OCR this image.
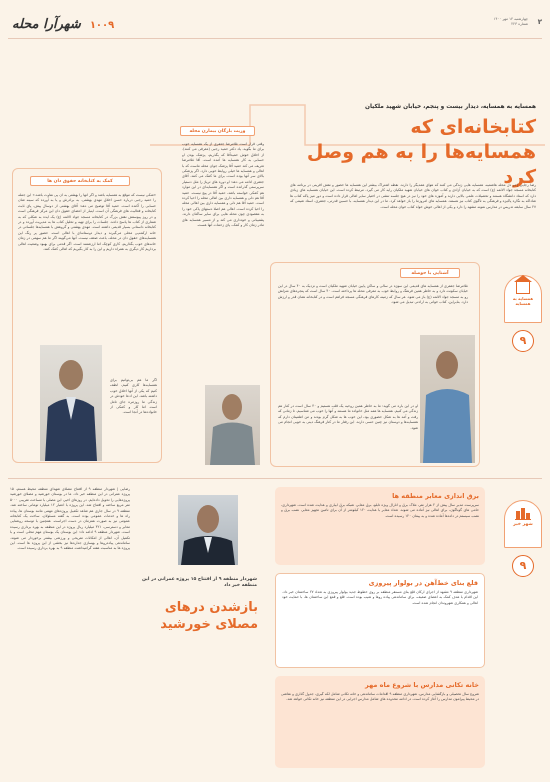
۲
چهارشنبه ۱۴ مهر ۱۴۰۰
شماره ۲۲۳
۱۰۰۹ شهرآرا محله
همسایه به همسایه، دیدار بیست و پنجم، خیابان شهید ملکیان
کتابخانه‌ای که
همسایه‌ها را به هم وصل کرد
رضا رجایی | در دل محله هاشمیه، همسایه هایی زندگی می کنند که هوای همدیگر را دارند. نقطه اشتراک بیشتر این همسایه ها حضور و نقش آفرینی در برنامه های کتابخانه مسجد جواد الائمه (ع) است که به خیابان آزادی و کتاب خوان های خیابان شهید ملکیان رایه کار می گیرد. مرتبط کرده است. این خیابان همسایه های زیادی دارد که استاد دانشگاه هستند و تحصیلات علمی بالایی دارند و آموزه های خود را نیز در هیچ جلسه تنشی در اختیار سایر اهالی قرار داده است و دور میز پاکه کتاب ها شاداکه به نگاره پاکیزه و فرهنگی به تاگوی کتاب نیز هستند. همسایه های امروزما را باز خواهد کرد. ما در این دیدار همسایه، با حسین قدرتی، جعفری، استاد شیمی که ۲۷ سال سابقه تدریس در مدارس نمونه مشهد را دارد و یکی از اهالی خوش خواه کتاب خوان محله است.
وزیت بازگان بیمارن محله
وقتی قرار است غلامرضا جعفری از یک همسایه خوب برای ما بگوید، یاد دکتر حمید رجبی (معرفی می کنند). از اخلاق خوش حمیدآقا که بگذریم، پزشک بودن او حسابی به کار همسایه ها آمده است. آقا غلامرضا تعریف می کند حمید آقا پزشک جوان محله ماست که با اهالی و همسایه ها خیلی روابط خوبی دارد. اگر پزشکی بالای سر آنها بوده است، برای ما کمک می کنند. آقای جعفری ادامه می دهد: او دوره های تریاژ را مثل دستیار سرپرستی گذرانده است و اگر همسایه‌ای در این موارد هم کمکی خواسته باشد، حمید آقا در پیچ نیست. حمید آقا هم دلی و همسایه داری بین اهالی محله را احیا کرده است. حمید آقا هم دلی و همسایه داری بین اهالی محله را احیا کرده است. اهالی هم اصلا دستهای پاکی خود را به مقصودی چون محله هایی برای سایر ساکنان دارند. پشتیبانی و خودداری می کند و از مسیر همسایه های مادر زمان کار و کمک، پای زحمات آنها هست.
کمک به کتابخانه حقوق دان ها
«شکی نیست که موقع به همسایه باشد و اگر آنها را بهشتی به آن پی نفاوت باشد.» این جمله را حمید رجبی درباره حسن اخلاق مهدی بهشتی. به برادرش و یا به آورده که سینه شان حسابی را آکنده است. حمید آقا توضیح می دهد: آقای بهشتی از دوسال پیش، پای ثابت کتابخانه و فعالیت های فرهنگی آن است. اینبار از اعضای حقوق دان این مرکز فرهنگی است و در روز پیوستش نقش بزرگ در کتابخانه مسجد جواد الائمه (ع) یک ایده به شکلی که به شماری از کتاب ها پاسخ دادند. جلسات را برای تهیه و تحلیل کتاب ها به مدیریت آورده و در کتابخانه داستانی بسیار قدیمی داشته است. مهدی بهشتی و گروهش با همسایه‌ها جلساتی در خانه ارکمه‌پی محلی می‌گیرند و دیدار دوستانه‌ای با اهالی است. حضور پر رنگ این همسایه‌های حقوق دان در محله، باعث ضعف نیست. آنها می‌گویند اگر ما هم سهمی در زمان خانه‌های خوب بگذاریم، کاری کوچک اما ارزشمند است. اگر قدمی برای بهبود وضعیت اهالی برداریم کار دیگری به همراه داریم و این را به کار بگیریم که اهالی کمک کنند.
اگر ما هم بی‌توانیم برای همسایه‌ها کاری کنیم، لطف کنیم که یکی از آنها اخلاق خوب داشته باشد. این ادعا خودش در زندگی ما روزمره جای تامل است اما کار و کمکی از خانواده‌ها در آنجا است.
آشنایی با حوصله
غلامرضا جعفری از همسایه های قدیمی این سوژه در سالی و ساکن پایین خیابان شهید ملکیان است و نزدیک به ۴۰ سال در این خیابان سکونت دارد و به خاطر همین فرهنگ و روابط خوب به معرفی محله ها پرداخته است. ۴۰ سال است که پنجره‌های منزلش رو به مسجد جواد الائمه (ع) باز می شود. هر سال که زمینه کارهای فرهنگی مسجد فراهم است و در کتابخانه همان قدر و ارزش دارد. بنابراین، کتاب خوانی به ارادتی تبدیل می شود.
او در این باره می گوید: ما به خاطر همین روحیه یک قلب هستیم و ۴۰ سال است در کنار هم زندگی می کنیم. همسایه ها همه مثل خانواده ما هستند و آنها را خوب می شناسیم. تا زمانی که رفت و آمد ها به شکل حضوری بود، این خوب ها به شکل گرم بودند و من اطمینان دارم که همسایه‌ها و دوستان نیز چنین حسی دارند. این رفتار ما در کنار فرهنگ دینی به خوبی انجام می شود.
همسایه به همسایه
۹
برق اندازی معابر منطقه ها
سرپرست مدیر سال پیش از ۲ هزار نفر، ملاک برق و انارال ویژه تابلو، برق معابر، شبکه برق آبیاری و هدایت شده است. شهرداری، حامی های گوناگون، برای اهالی نیز آماده می شوند. تعداد معابر با هدایت ۱۲۰ کیلومتر از آن برای تامین تجهیز معابر، نصب برق و نصب سیستم در داده‌ها آماده شده و به پیمان ۱۲۰ رسیده است.
قلع بنای خط‌آهن در بولوار پیروزی
شهرداری منطقه ۹ مشهد از اجرای ارکان قلع بنای مستقر منطقه بر روی خطوط جدید بولوار پیروزی به تعداد ۲۷ ساختمان خبر داد. این اقدام با هدف کمک به اعضای ضعیف، برای ساماندهی پیاده روها و شیب بوده است. قلع و قمع این ساختمان ها، با حمایت خود اهالی و همکاری شهروندان انجام شده است.
خانه تکانی مدارس با شروع ماه مهر
شروع سال تحصیلی و بازگشایی مدارس، شهرداری منطقه ۹ اقدامات ساماندهی و خانه تکانی شامل لکه گیری، جدول گذاری و نقاشی در محیط پیرامون مدارس را آغاز کرده است. در ادامه محدوده های شامل مدارس اجرایی در این منطقه نیز خانه تکانی خواهد شد.
شهر خبر
۹
رضایی | شهردار منطقه ۹ از افتتاح مصلای شهدای منطقه محیط هستم، ۱۵ پروژه عمرانی در این منطقه خبر داد. ما در بوستان خورشید و مصلای خورشید پروژه‌هایی را تحویل داده‌ایم. در روزهای اخیر، این مصلی با مساحت تقریبی ۵۰۰۰ متر مربع ساخته و افتتاح شد. این پروژه با اعتبار ۱۲ میلیارد تومانی ساخته شد. منطقه ۹ در سال جاری هم شاهد تکمیل پروژه‌های مهمی مانند بوستان ها، پیاده راه ها و خدمات عمومی بوده است. به گفته مسئولان، ساخت یک کتابخانه عمومی نیز به صورت همزمان در دست اجراست. همچنین با توسعه روشنایی معابر و دسترسی، ۴۲۱ میلیارد ریال پروژه در این منطقه به بهره برداری رسیده است. شهردار منطقه ۹ ادامه داد: این بوستان یک بوستان مهم محلی است و با تکمیل آن، اهالی از امکانات تفریحی و ورزشی بیشتر برخوردار می شوند. ساماندهی پیاده‌روها و بهسازی جداره‌ها نیز بخشی از این پروژه ها است. این پروژه ها به مناسبت هفته گرامیداشت منطقه ۹ به بهره برداری رسیده است.
شهردار منطقه ۹ از افتتاح ۱۵ پروژه عمرانی در این منطقه خبر داد
بازشدن درهای
مصلای خورشید
